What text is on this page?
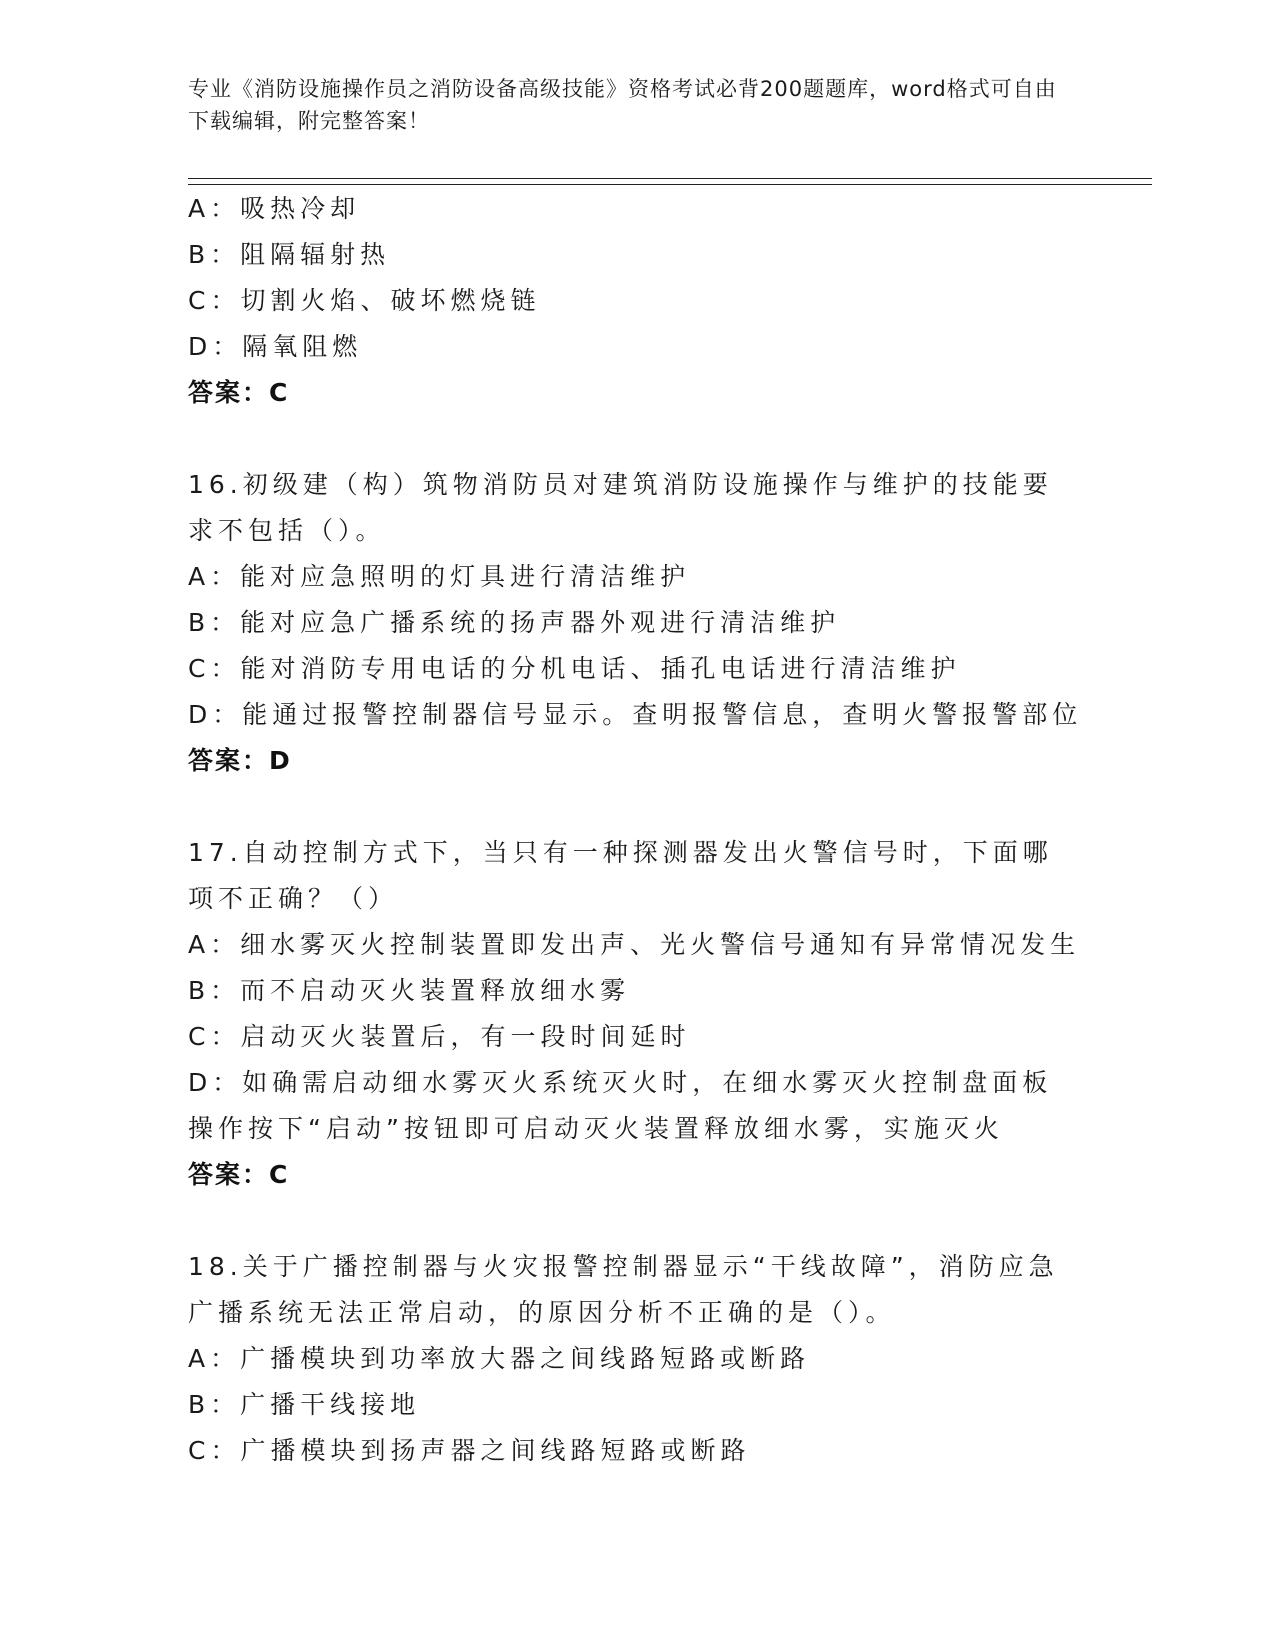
专业《消防设施操作员之消防设备高级技能》资格考试必背200题题库，word格式可自由下载编辑，附完整答案！
A：吸热冷却
B：阻隔辐射热
C：切割火焰、破坏燃烧链
D：隔氧阻燃
答案：C
16.初级建（构）筑物消防员对建筑消防设施操作与维护的技能要求不包括（）。
A：能对应急照明的灯具进行清洁维护
B：能对应急广播系统的扬声器外观进行清洁维护
C：能对消防专用电话的分机电话、插孔电话进行清洁维护
D：能通过报警控制器信号显示。查明报警信息，查明火警报警部位
答案：D
17.自动控制方式下，当只有一种探测器发出火警信号时，下面哪项不正确？（）
A：细水雾灭火控制装置即发出声、光火警信号通知有异常情况发生
B：而不启动灭火装置释放细水雾
C：启动灭火装置后，有一段时间延时
D：如确需启动细水雾灭火系统灭火时，在细水雾灭火控制盘面板操作按下“启动”按钮即可启动灭火装置释放细水雾，实施灭火
答案：C
18.关于广播控制器与火灾报警控制器显示“干线故障”，消防应急广播系统无法正常启动，的原因分析不正确的是（）。
A：广播模块到功率放大器之间线路短路或断路
B：广播干线接地
C：广播模块到扬声器之间线路短路或断路
